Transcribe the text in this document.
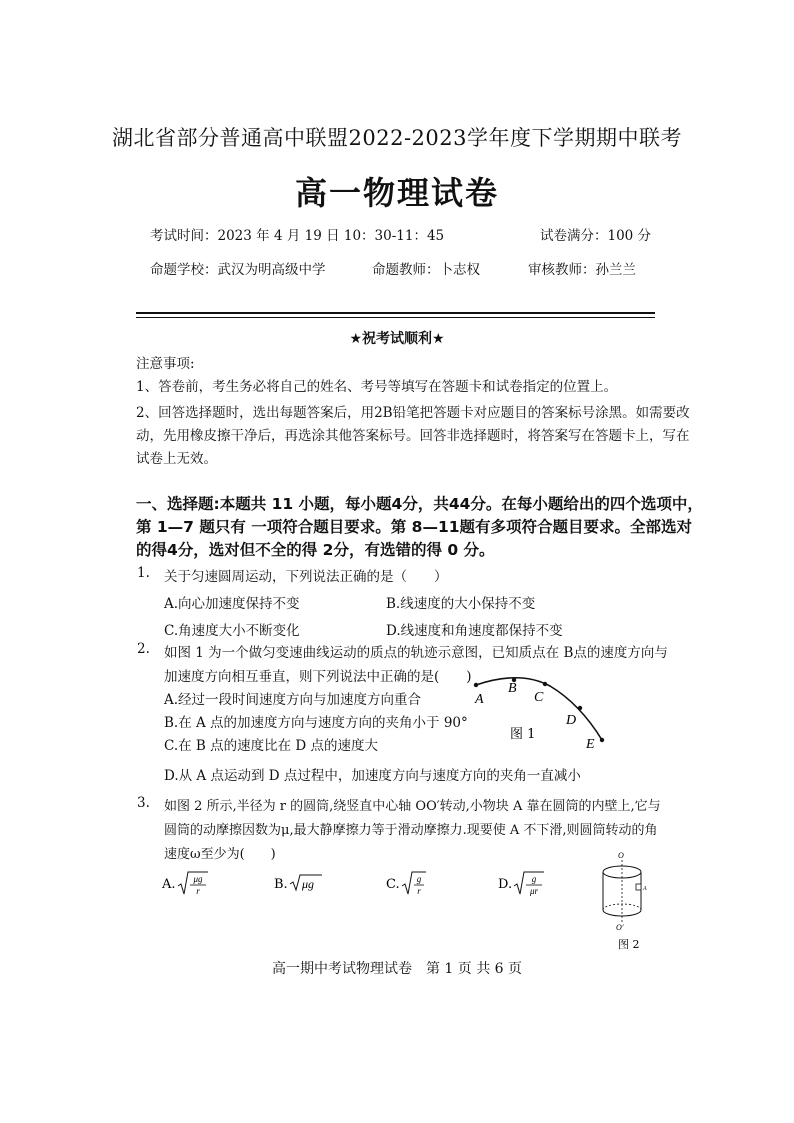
湖北省部分普通高中联盟2022-2023学年度下学期期中联考
高一物理试卷
考试时间：2023 年 4 月 19 日 10：30-11：45	试卷满分：100 分
命题学校：武汉为明高级中学	命题教师：卜志权	审核教师：孙兰兰
★祝考试顺利★
注意事项:
1、答卷前，考生务必将自己的姓名、考号等填写在答题卡和试卷指定的位置上。
2、回答选择题时，选出每题答案后，用2B铅笔把答题卡对应题目的答案标号涂黑。如需要改
动，先用橡皮擦干净后，再选涂其他答案标号。回答非选择题时，将答案写在答题卡上，写在
试卷上无效。
一、选择题:本题共 11 小题，每小题4分，共44分。在每小题给出的四个选项中，
第 1—7 题只有 一项符合题目要求。第 8—11题有多项符合题目要求。全部选对
的得4分，选对但不全的得 2分，有选错的得 0 分。
1. 关于匀速圆周运动，下列说法正确的是（　　）
A.向心加速度保持不变	B.线速度的大小保持不变
C.角速度大小不断变化	D.线速度和角速度都保持不变
2. 如图 1 为一个做匀变速曲线运动的质点的轨迹示意图，已知质点在 B点的速度方向与
加速度方向相互垂直，则下列说法中正确的是(　　)
A.经过一段时间速度方向与加速度方向重合
B.在 A 点的加速度方向与速度方向的夹角小于 90°
C.在 B 点的速度比在 D 点的速度大
D.从 A 点运动到 D 点过程中，加速度方向与速度方向的夹角一直减小
A
B
C
D
E
图 1
3. 如图 2 所示,半径为 r 的圆筒,绕竖直中心轴 OO′转动,小物块 A 靠在圆筒的内壁上,它与
圆筒的动摩擦因数为μ,最大静摩擦力等于滑动摩擦力.现要使 A 不下滑,则圆筒转动的角
速度ω至少为(　　)
A. μg
r	B. μg	C. g
r	D. g
μr
O
A
O′
图 2
高一期中考试物理试卷　第 1 页 共 6 页
